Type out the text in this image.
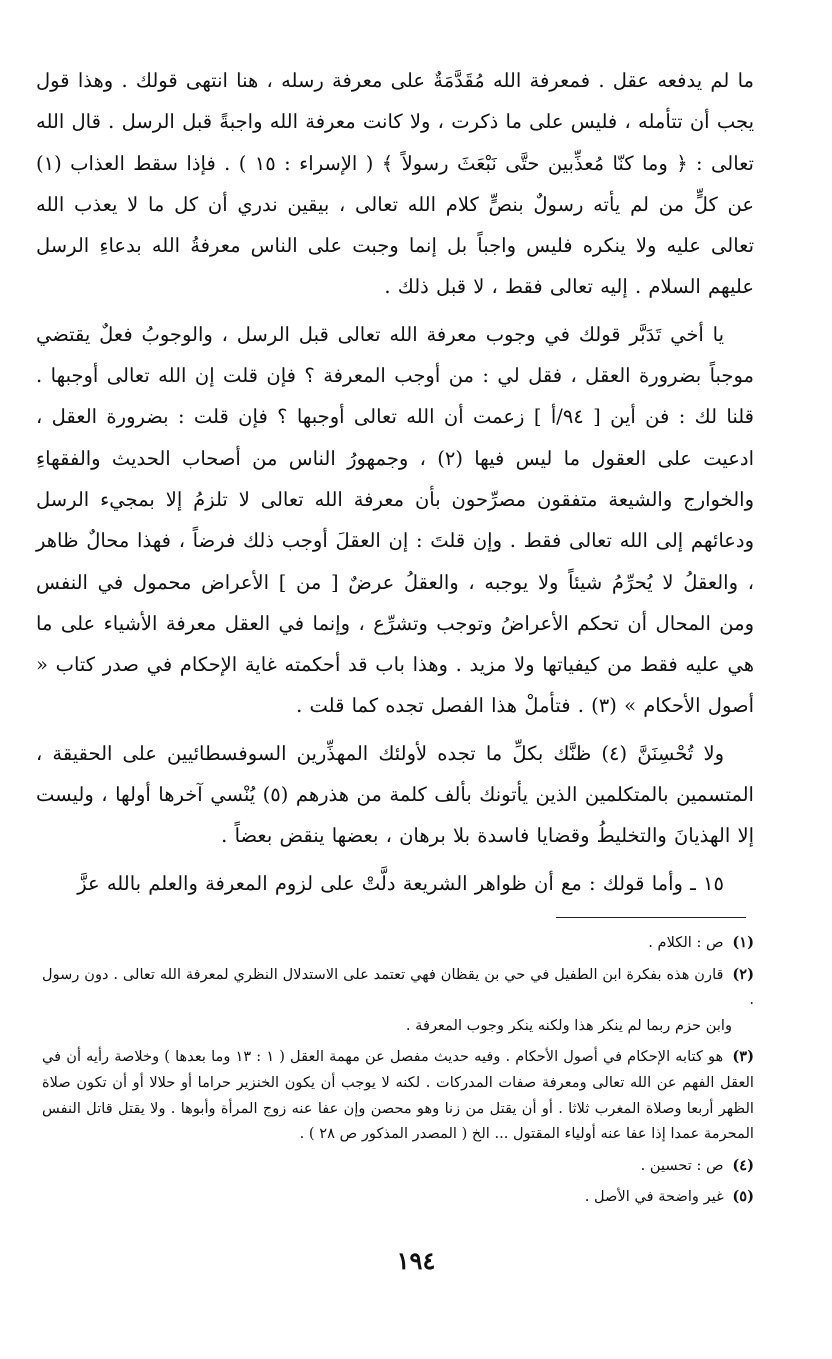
ما لم يدفعه عقل . فمعرفة الله مُقَدَّمَةٌ على معرفة رسله ، هنا انتهى قولك . وهذا قول يجب أن تتأمله ، فليس على ما ذكرت ، ولا كانت معرفة الله واجبةً قبل الرسل . قال الله تعالى : ﴿ وما كنّا مُعذِّبين حتَّى نَبْعَثَ رسولاً ﴾ ( الإسراء : ١٥ ) . فإذا سقط العذاب (١) عن كلٍّ من لم يأته رسولٌ بنصٍّ كلام الله تعالى ، بيقين ندري أن كل ما لا يعذب الله تعالى عليه ولا ينكره فليس واجباً بل إنما وجبت على الناس معرفةُ الله بدعاءِ الرسل عليهم السلام . إليه تعالى فقط ، لا قبل ذلك .

يا أخي تَدَبَّر قولك في وجوب معرفة الله تعالى قبل الرسل ، والوجوبُ فعلٌ يقتضي موجباً بضرورة العقل ، فقل لي : من أوجب المعرفة ؟ فإن قلت إن الله تعالى أوجبها . قلنا لك : فن أين [ ٩٤/أ ] زعمت أن الله تعالى أوجبها ؟ فإن قلت : بضرورة العقل ، ادعيت على العقول ما ليس فيها (٢) ، وجمهورُ الناس من أصحاب الحديث والفقهاءِ والخوارج والشيعة متفقون مصرِّحون بأن معرفة الله تعالى لا تلزمُ إلا بمجيء الرسل ودعائهم إلى الله تعالى فقط . وإن قلتَ : إن العقلَ أوجب ذلك فرضاً ، فهذا محالٌ ظاهر ، والعقلُ لا يُحرِّمُ شيئاً ولا يوجبه ، والعقلُ عرضٌ [ من ] الأعراض محمول في النفس ومن المحال أن تحكم الأعراضُ وتوجب وتشرِّع ، وإنما في العقل معرفة الأشياء على ما هي عليه فقط من كيفياتها ولا مزيد . وهذا باب قد أحكمته غاية الإحكام في صدر كتاب « أصول الأحكام » (٣) . فتأملْ هذا الفصل تجده كما قلت .

ولا تُحْسِنَنَّ (٤) ظنَّك بكلِّ ما تجده لأولئك المهذِّرين السوفسطائيين على الحقيقة ، المتسمين بالمتكلمين الذين يأتونك بألف كلمة من هذرهم (٥) يُنْسي آخرها أولها ، وليست إلا الهذيانَ والتخليطُ وقضايا فاسدة بلا برهان ، بعضها ينقض بعضاً .

١٥ ـ وأما قولك : مع أن ظواهر الشريعة دلَّتْ على لزوم المعرفة والعلم بالله عزَّ

(١) ص : الكلام .

(٢) قارن هذه بفكرة ابن الطفيل في حي بن يقظان فهي تعتمد على الاستدلال النظري لمعرفة الله تعالى . دون رسول .
وابن حزم ربما لم ينكر هذا ولكنه ينكر وجوب المعرفة .

(٣) هو كتابه الإحكام في أصول الأحكام . وفيه حديث مفصل عن مهمة العقل ( ١ : ١٣ وما بعدها ) وخلاصة رأيه أن في العقل الفهم عن الله تعالى ومعرفة صفات المدركات . لكنه لا يوجب أن يكون الخنزير حراما أو حلالا أو أن تكون صلاة الظهر أربعا وصلاة المغرب ثلاثا . أو أن يقتل من زنا وهو محصن وإن عفا عنه زوج المرأة وأبوها . ولا يقتل قاتل النفس المحرمة عمدا إذا عفا عنه أولياء المقتول ... الخ ( المصدر المذكور ص ٢٨ ) .

(٤) ص : تحسين .

(٥) غير واضحة في الأصل .

١٩٤
